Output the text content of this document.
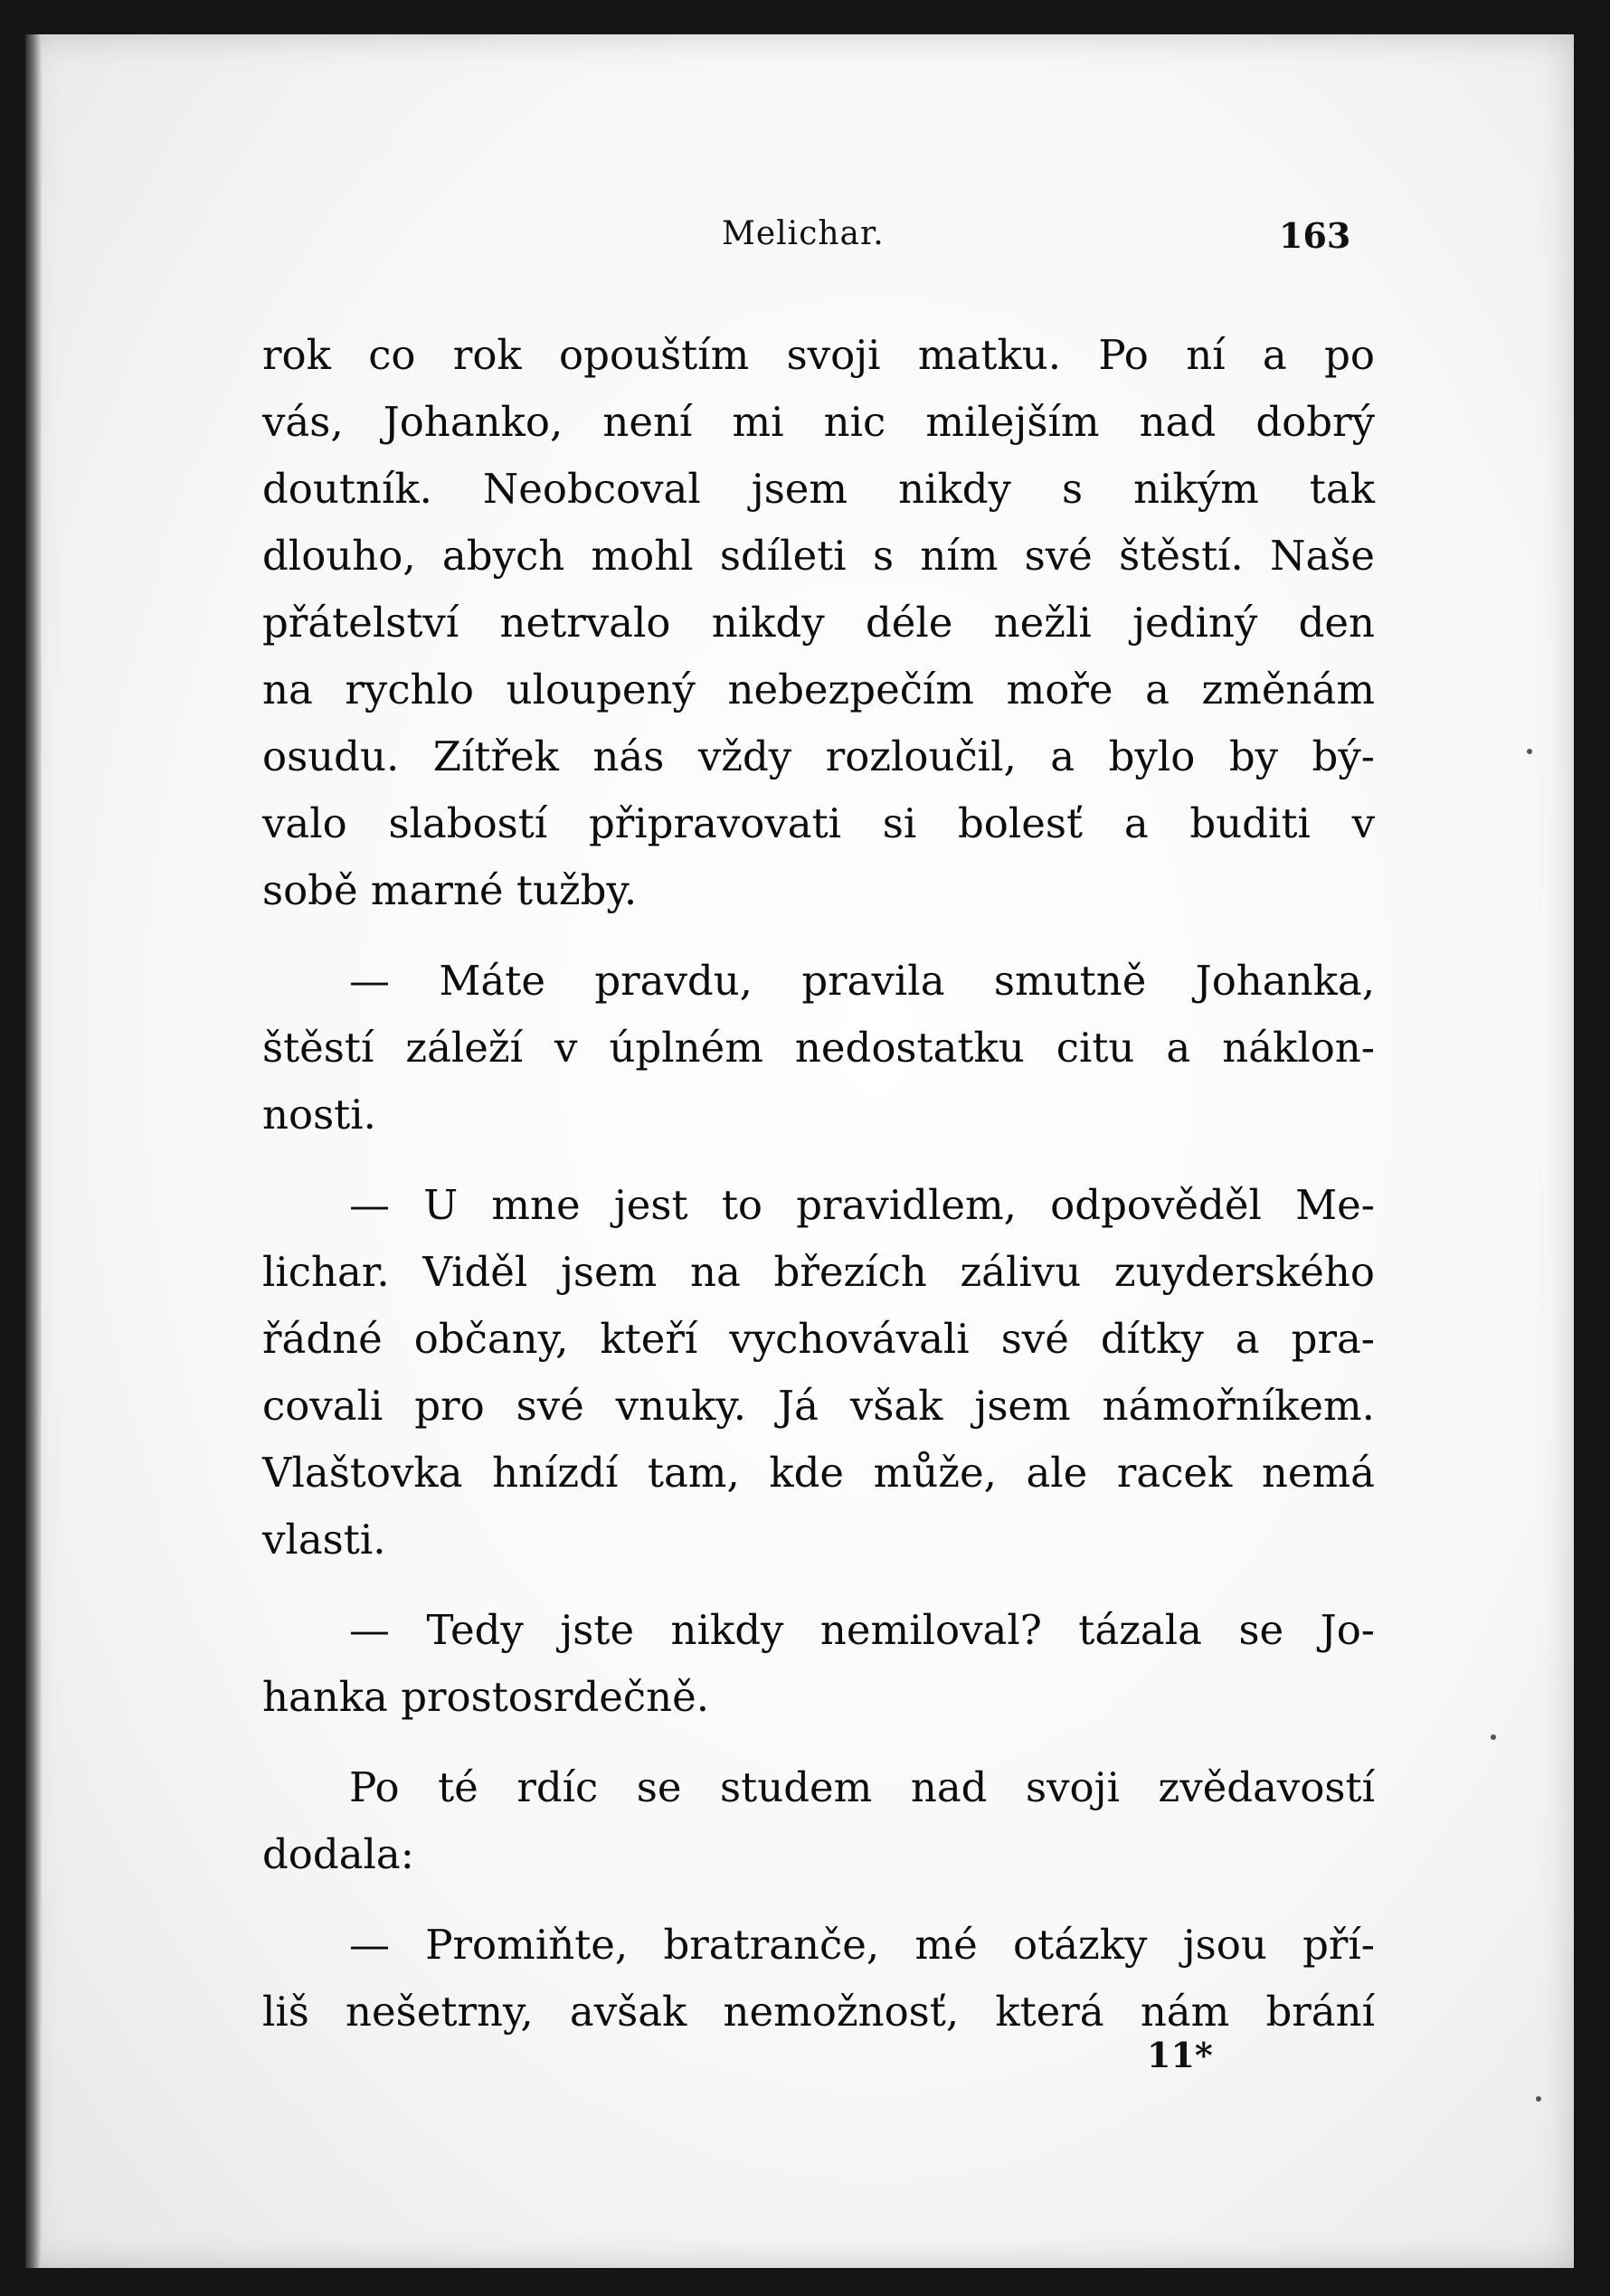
Melichar.	163
rok co rok opouštím svoji matku. Po ní a po
vás, Johanko, není mi nic milejším nad dobrý
doutník. Neobcoval jsem nikdy s nikým tak
dlouho, abych mohl sdíleti s ním své štěstí. Naše
přátelství netrvalo nikdy déle nežli jediný den
na rychlo uloupený nebezpečím moře a změnám
osudu. Zítřek nás vždy rozloučil, a bylo by bý-
valo slabostí připravovati si bolesť a buditi v
sobě marné tužby.
— Máte pravdu, pravila smutně Johanka,
štěstí záleží v úplném nedostatku citu a náklon-
nosti.
— U mne jest to pravidlem, odpověděl Me-
lichar. Viděl jsem na březích zálivu zuyderského
řádné občany, kteří vychovávali své dítky a pra-
covali pro své vnuky. Já však jsem námořníkem.
Vlaštovka hnízdí tam, kde může, ale racek nemá
vlasti.
— Tedy jste nikdy nemiloval? tázala se Jo-
hanka prostosrdečně.
Po té rdíc se studem nad svoji zvědavostí
dodala:
— Promiňte, bratrančе, mé otázky jsou pří-
liš nešetrny, avšak nemožnosť, která nám brání
11*
